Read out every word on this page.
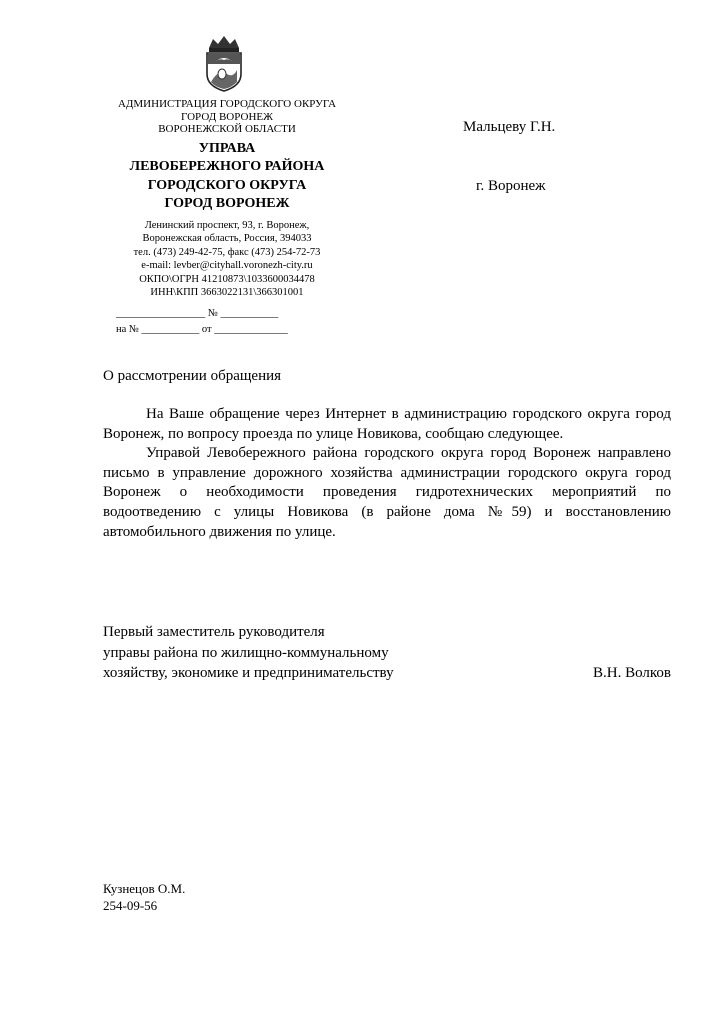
АДМИНИСТРАЦИЯ ГОРОДСКОГО ОКРУГА
ГОРОД ВОРОНЕЖ
ВОРОНЕЖСКОЙ ОБЛАСТИ
УПРАВА
ЛЕВОБЕРЕЖНОГО РАЙОНА
ГОРОДСКОГО ОКРУГА
ГОРОД ВОРОНЕЖ
Ленинский проспект, 93, г. Воронеж,
Воронежская область, Россия, 394033
тел. (473) 249-42-75, факс (473) 254-72-73
e-mail: levber@cityhall.voronezh-city.ru
ОКПО\ОГРН 41210873\1033600034478
ИНН\КПП 3663022131\366301001
_________________ № ___________
на № ___________ от ______________
Мальцеву Г.Н.
г. Воронеж
О рассмотрении обращения

На Ваше обращение через Интернет в администрацию городского округа город Воронеж, по вопросу проезда по улице Новикова, сообщаю следующее.

Управой Левобережного района городского округа город Воронеж направлено письмо в управление дорожного хозяйства администрации городского округа город Воронеж о необходимости проведения гидротехнических мероприятий по водоотведению с улицы Новикова (в районе дома №59) и восстановлению автомобильного движения по улице.

Первый заместитель руководителя
управы района по жилищно-коммунальному
хозяйству, экономике и предпринимательству	В.Н. Волков
Кузнецов О.М.
254-09-56
